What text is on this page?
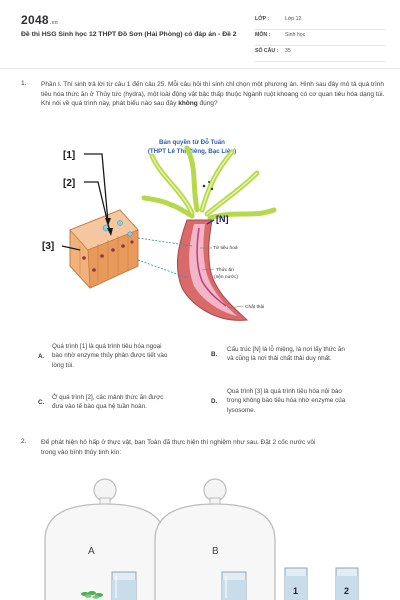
2048.vn
Đề thi HSG Sinh học 12 THPT Đồ Sơn (Hải Phòng) có đáp án - Đề 2
LỚP :	Lớp 12
MÔN :	Sinh học
SỐ CÂU : 35
1. Phần I. Thí sinh trả lời từ câu 1 đến câu 25. Mỗi câu hỏi thí sinh chỉ chọn một phương án. Hình sau đây mô tả quá trình tiêu hóa thức ăn ở Thủy tức (hydra), một loài động vật bậc thấp thuộc Ngành ruột khoang có cơ quan tiêu hóa dạng túi. Khi nói về quá trình này, phát biểu nào sau đây không đúng?
Bản quyền từ Đỗ Tuấn
(THPT Lê Thị Riêng, Bạc Liêu)
[N]
Tử tiêu hoá
Thức ăn
(nện nước)
Chất thải
[1]
[2]
[3]
A.
Quá trình [1] là quá trình tiêu hóa ngoại
bào nhờ enzyme thủy phân được tiết vào
lòng túi.
B.
Cấu trúc [N] là lỗ miệng, là nơi lấy thức ăn
và cũng là nơi thải chất thải duy nhất.
C.
Ở quá trình [2], các mảnh thức ăn được
đưa vào tế bào qua hệ tuần hoàn.
D.
Quá trình [3] là quá trình tiêu hóa nội bào
trong không bào tiêu hóa nhờ enzyme của
lysosome.
2. Để phát hiện hô hấp ở thực vật, bạn Toàn đã thực hiện thí nghiệm như sau. Đặt 2 cốc nước vôi
trong vào bình thủy tinh kín:
A	B
1	2
